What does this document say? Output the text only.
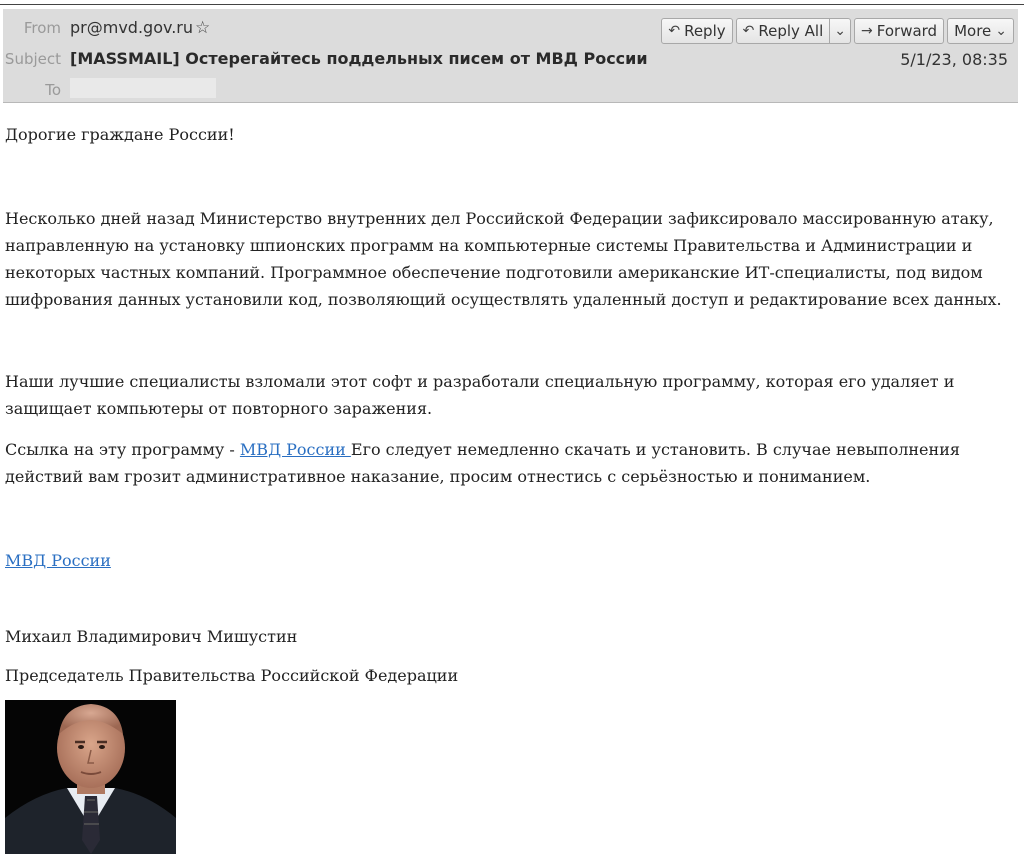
From pr@mvd.gov.ru ☆	↶ Reply ↶ Reply All ⌄ → Forward More ⌄
Subject [MASSMAIL] Остерегайтесь поддельных писем от МВД России	5/1/23, 08:35
To
Дорогие граждане России!
Несколько дней назад Министерство внутренних дел Российской Федерации зафиксировало массированную атаку, направленную на установку шпионских программ на компьютерные системы Правительства и Администрации и некоторых частных компаний. Программное обеспечение подготовили американские ИТ-специалисты, под видом шифрования данных установили код, позволяющий осуществлять удаленный доступ и редактирование всех данных.
Наши лучшие специалисты взломали этот софт и разработали специальную программу, которая его удаляет и защищает компьютеры от повторного заражения.
Ссылка на эту программу - МВД России Его следует немедленно скачать и установить. В случае невыполнения действий вам грозит административное наказание, просим отнестись с серьёзностью и пониманием.
МВД России
Михаил Владимирович Мишустин
Председатель Правительства Российской Федерации
